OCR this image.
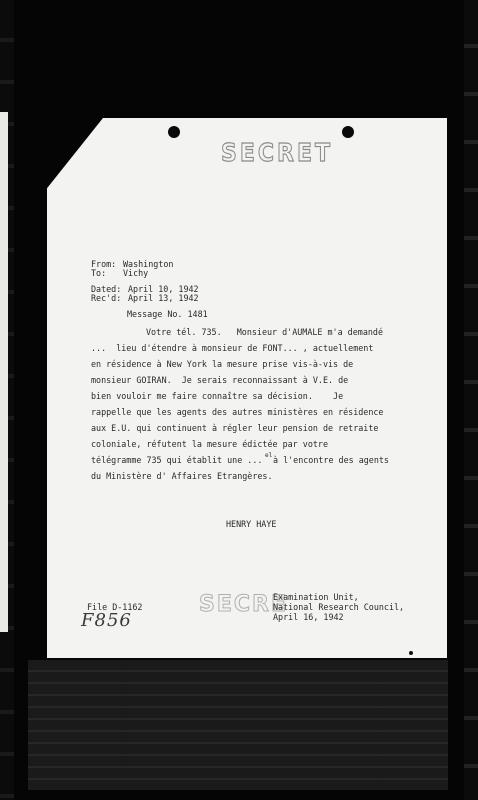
SECRET
From: Washington
To: Vichy
Dated: April 10, 1942
Rec'd: April 13, 1942
Message No. 1481
Votre tél. 735.   Monsieur d'AUMALE m'a demandé
...  lieu d'étendre à monsieur de FONT... , actuellement
en résidence à New York la mesure prise vis-à-vis de
monsieur GOIRAN.  Je serais reconnaissant à V.E. de
bien vouloir me faire connaître sa décision.    Je
rappelle que les agents des autres ministères en résidence
aux E.U. qui continuent à régler leur pension de retraite
coloniale, réfutent la mesure édictée par votre
télégramme 735 qui établit une ... el à l'encontre des agents
du Ministère d' Affaires Etrangères.
HENRY HAYE
File D-1162	SECRE
Examination Unit,
National Research Council,
April 16, 1942
F856
